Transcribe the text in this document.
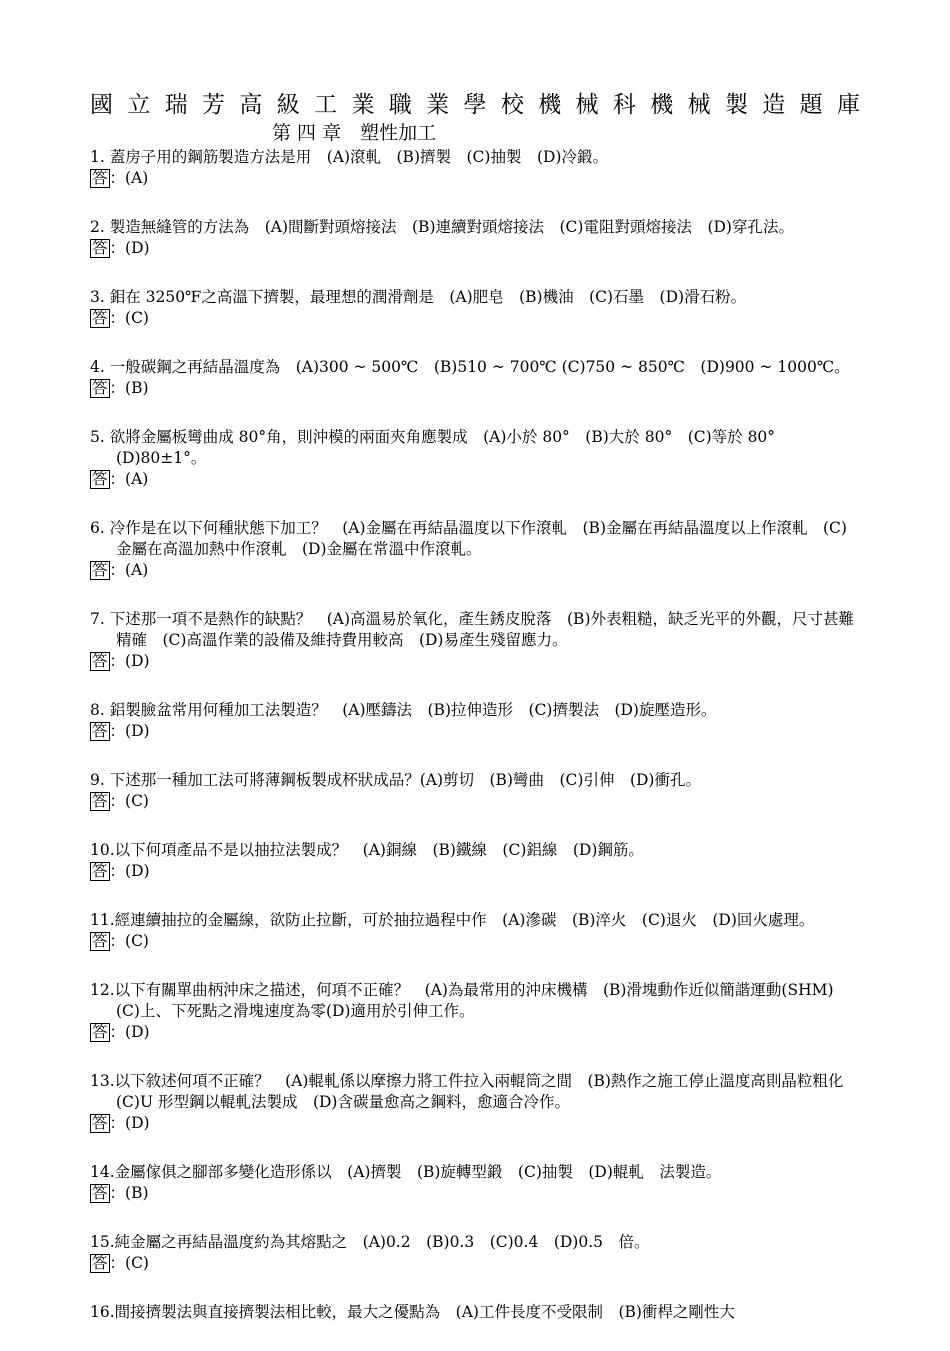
國立瑞芳高級工業職業學校機械科機械製造題庫
第 四 章　塑性加工
1. 蓋房子用的鋼筋製造方法是用　(A)滾軋　(B)擠製　(C)抽製　(D)冷鍛。
答 ：(A)
2. 製造無縫管的方法為　(A)間斷對頭熔接法　(B)連續對頭熔接法　(C)電阻對頭熔接法　(D)穿孔法。
答 ：(D)
3. 鉬在 3250℉之高溫下擠製，最理想的潤滑劑是　(A)肥皂　(B)機油　(C)石墨　(D)滑石粉。
答 ：(C)
4. 一般碳鋼之再結晶溫度為　(A)300 ~ 500℃　(B)510 ~ 700℃ (C)750 ~ 850℃　(D)900 ~ 1000℃。
答 ：(B)
5. 欲將金屬板彎曲成 80°角，則沖模的兩面夾角應製成　(A)小於 80°　(B)大於 80°　(C)等於 80°　(D)80±1°。
答 ：(A)
6. 冷作是在以下何種狀態下加工？　(A)金屬在再結晶溫度以下作滾軋　(B)金屬在再結晶溫度以上作滾軋　(C)金屬在高溫加熱中作滾軋　(D)金屬在常溫中作滾軋。
答 ：(A)
7. 下述那一項不是熱作的缺點？　(A)高溫易於氧化，產生銹皮脫落　(B)外表粗糙，缺乏光平的外觀，尺寸甚難精確　(C)高溫作業的設備及維持費用較高　(D)易產生殘留應力。
答 ：(D)
8. 鋁製臉盆常用何種加工法製造？　(A)壓鑄法　(B)拉伸造形　(C)擠製法　(D)旋壓造形。
答 ：(D)
9. 下述那一種加工法可將薄鋼板製成杯狀成品？(A)剪切　(B)彎曲　(C)引伸　(D)衝孔。
答 ：(C)
10.以下何項產品不是以抽拉法製成？　(A)銅線　(B)鐵線　(C)鋁線　(D)鋼筋。
答 ：(D)
11.經連續抽拉的金屬線，欲防止拉斷，可於抽拉過程中作　(A)滲碳　(B)淬火　(C)退火　(D)回火處理。
答 ：(C)
12.以下有關單曲柄沖床之描述，何項不正確？　(A)為最常用的沖床機構　(B)滑塊動作近似簡諧運動(SHM)　(C)上、下死點之滑塊速度為零(D)適用於引伸工作。
答 ：(D)
13.以下敘述何項不正確？　(A)輥軋係以摩擦力將工件拉入兩輥筒之間　(B)熱作之施工停止溫度高則晶粒粗化　(C)U 形型鋼以輥軋法製成　(D)含碳量愈高之鋼料，愈適合冷作。
答 ：(D)
14.金屬傢俱之腳部多變化造形係以　(A)擠製　(B)旋轉型鍛　(C)抽製　(D)輥軋　法製造。
答 ：(B)
15.純金屬之再結晶溫度約為其熔點之　(A)0.2　(B)0.3　(C)0.4　(D)0.5　倍。
答 ：(C)
16.間接擠製法與直接擠製法相比較，最大之優點為　(A)工件長度不受限制　(B)衝桿之剛性大
